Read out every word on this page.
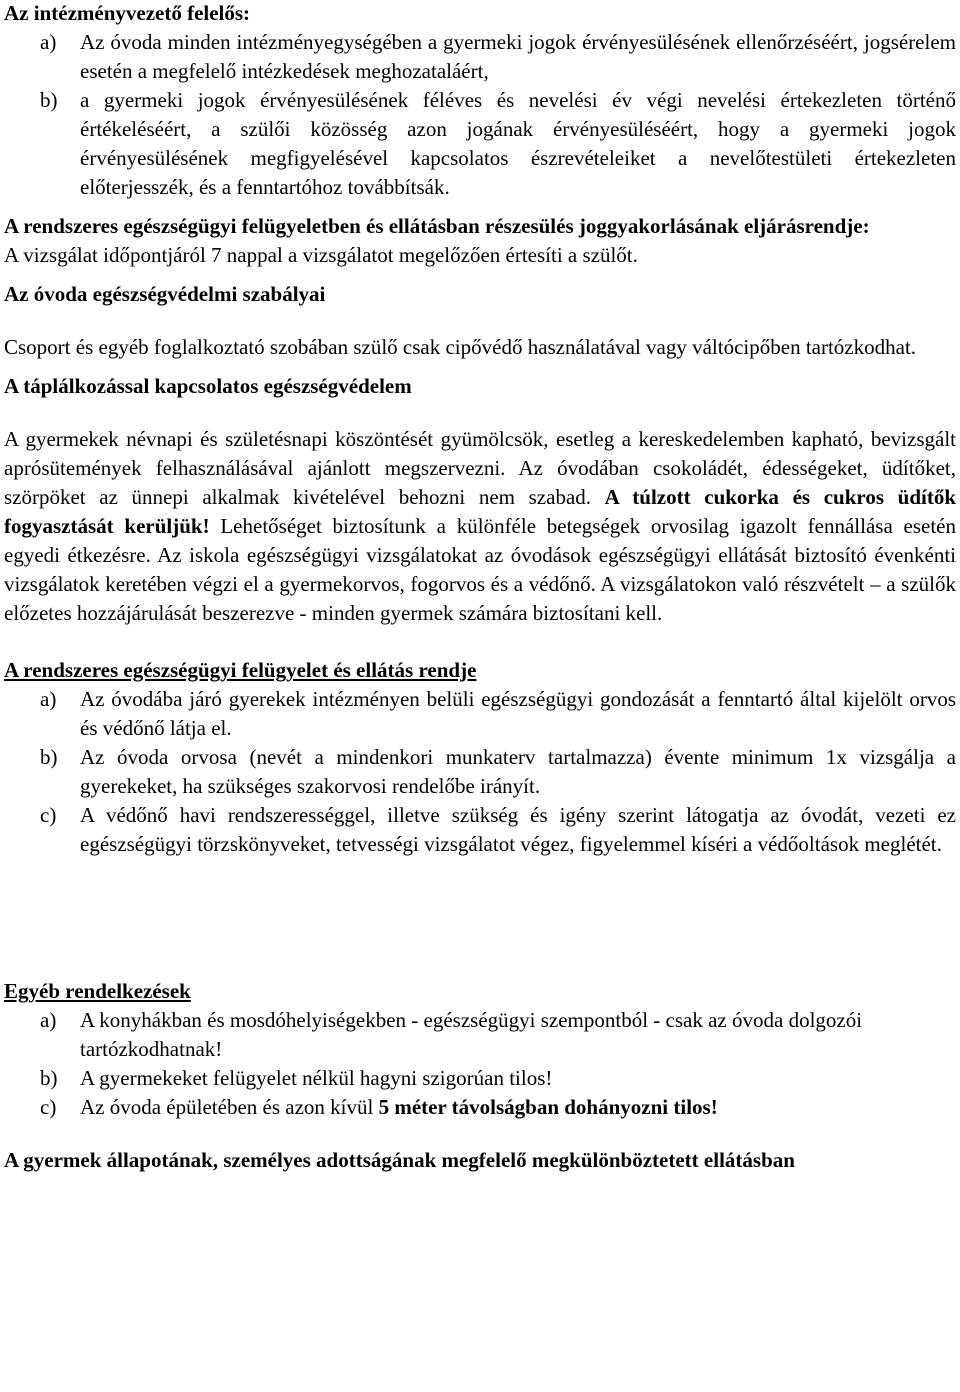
Az intézményvezető felelős:

a)	Az óvoda minden intézményegységében a gyermeki jogok érvényesülésének ellenőrzéséért, jogsérelem esetén a megfelelő intézkedések meghozataláért,
b)	a gyermeki jogok érvényesülésének féléves és nevelési év végi nevelési értekezleten történő értékeléséért, a szülői közösség azon jogának érvényesüléséért, hogy a gyermeki jogok érvényesülésének megfigyelésével kapcsolatos észrevételeiket a nevelőtestületi értekezleten előterjesszék, és a fenntartóhoz továbbítsák.

A rendszeres egészségügyi felügyeletben és ellátásban részesülés joggyakorlásának eljárásrendje:

A vizsgálat időpontjáról 7 nappal a vizsgálatot megelőzően értesíti a szülőt.

Az óvoda egészségvédelmi szabályai

Csoport és egyéb foglalkoztató szobában szülő csak cipővédő használatával vagy váltócipőben tartózkodhat.

A táplálkozással kapcsolatos egészségvédelem

A gyermekek névnapi és születésnapi köszöntését gyümölcsök, esetleg a kereskedelemben kapható, bevizsgált aprósütemények felhasználásával ajánlott megszervezni. Az óvodában csokoládét, édességeket, üdítőket, szörpöket az ünnepi alkalmak kivételével behozni nem szabad. A túlzott cukorka és cukros üdítők fogyasztását kerüljük! Lehetőséget biztosítunk a különféle betegségek orvosilag igazolt fennállása esetén egyedi étkezésre. Az iskola egészségügyi vizsgálatokat az óvodások egészségügyi ellátását biztosító évenkénti vizsgálatok keretében végzi el a gyermekorvos, fogorvos és a védőnő. A vizsgálatokon való részvételt – a szülők előzetes hozzájárulását beszerezve - minden gyermek számára biztosítani kell.

A rendszeres egészségügyi felügyelet és ellátás rendje

a)	Az óvodába járó gyerekek intézményen belüli egészségügyi gondozását a fenntartó által kijelölt orvos és védőnő látja el.
b)	Az óvoda orvosa (nevét a mindenkori munkaterv tartalmazza) évente minimum 1x vizsgálja a gyerekeket, ha szükséges szakorvosi rendelőbe irányít.
c)	A védőnő havi rendszerességgel, illetve szükség és igény szerint látogatja az óvodát, vezeti ez egészségügyi törzskönyveket, tetvességi vizsgálatot végez, figyelemmel kíséri a védőoltások meglétét.

Egyéb rendelkezések

a)	A konyhákban és mosdóhelyiségekben - egészségügyi szempontból - csak az óvoda dolgozói tartózkodhatnak!
b)	A gyermekeket felügyelet nélkül hagyni szigorúan tilos!
c)	Az óvoda épületében és azon kívül 5 méter távolságban dohányozni tilos!

A gyermek állapotának, személyes adottságának megfelelő megkülönböztetett ellátásban
